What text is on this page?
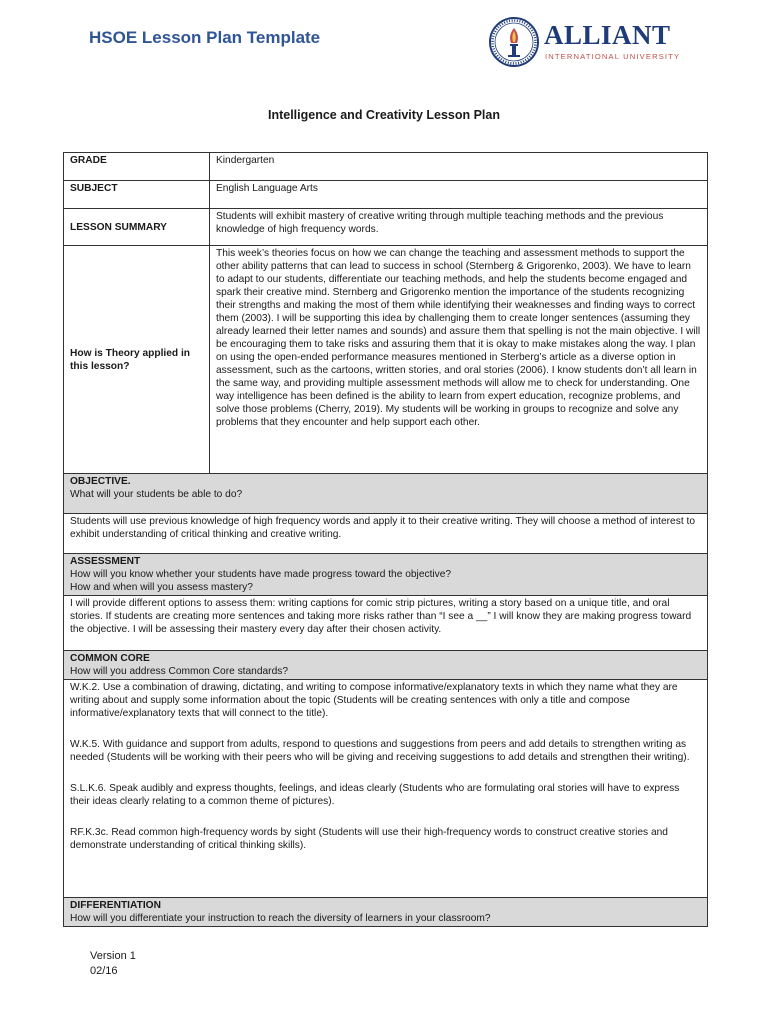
HSOE Lesson Plan Template	ALLIANT
INTERNATIONAL UNIVERSITY
Intelligence and Creativity Lesson Plan
GRADE	Kindergarten
SUBJECT	English Language Arts
LESSON SUMMARY	Students will exhibit mastery of creative writing through multiple teaching methods and the previous knowledge of high frequency words.
How is Theory applied in this lesson?	This week’s theories focus on how we can change the teaching and assessment methods to support the other ability patterns that can lead to success in school (Sternberg & Grigorenko, 2003). We have to learn to adapt to our students, differentiate our teaching methods, and help the students become engaged and spark their creative mind. Sternberg and Grigorenko mention the importance of the students recognizing their strengths and making the most of them while identifying their weaknesses and finding ways to correct them (2003). I will be supporting this idea by challenging them to create longer sentences (assuming they already learned their letter names and sounds) and assure them that spelling is not the main objective. I will be encouraging them to take risks and assuring them that it is okay to make mistakes along the way. I plan on using the open-ended performance measures mentioned in Sterberg’s article as a diverse option in assessment, such as the cartoons, written stories, and oral stories (2006). I know students don’t all learn in the same way, and providing multiple assessment methods will allow me to check for understanding. One way intelligence has been defined is the ability to learn from expert education, recognize problems, and solve those problems (Cherry, 2019). My students will be working in groups to recognize and solve any problems that they encounter and help support each other.

OBJECTIVE.
What will your students be able to do?	

Students will use previous knowledge of high frequency words and apply it to their creative writing. They will choose a method of interest to exhibit understanding of critical thinking and creative writing.	

ASSESSMENT
How will you know whether your students have made progress toward the objective?
How and when will you assess mastery?	

I will provide different options to assess them: writing captions for comic strip pictures, writing a story based on a unique title, and oral stories. If students are creating more sentences and taking more risks rather than “I see a __” I will know they are making progress toward the objective. I will be assessing their mastery every day after their chosen activity.	

COMMON CORE
How will you address Common Core standards?	

W.K.2. Use a combination of drawing, dictating, and writing to compose informative/explanatory texts in which they name what they are writing about and supply some information about the topic (Students will be creating sentences with only a title and compose informative/explanatory texts that will connect to the title).
W.K.5. With guidance and support from adults, respond to questions and suggestions from peers and add details to strengthen writing as needed (Students will be working with their peers who will be giving and receiving suggestions to add details and strengthen their writing).
S.L.K.6. Speak audibly and express thoughts, feelings, and ideas clearly (Students who are formulating oral stories will have to express their ideas clearly relating to a common theme of pictures).
RF.K.3c. Read common high-frequency words by sight (Students will use their high-frequency words to construct creative stories and demonstrate understanding of critical thinking skills).	

DIFFERENTIATION
How will you differentiate your instruction to reach the diversity of learners in your classroom?	
Version 1
02/16
